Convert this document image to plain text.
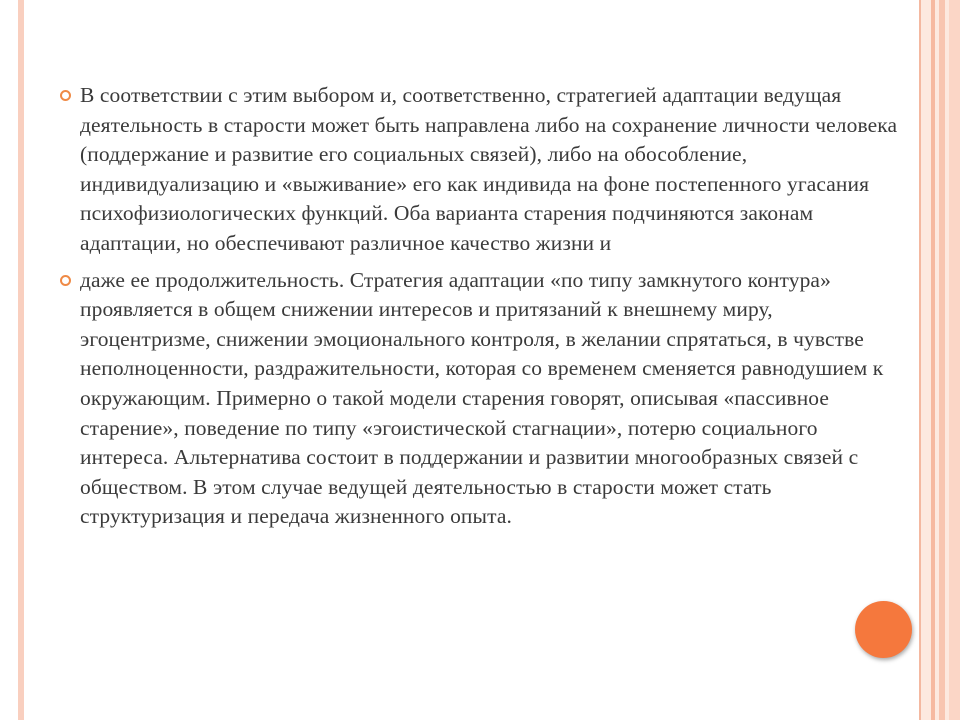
В соответствии с этим выбором и, соответственно, стратегией адаптации ведущая деятельность в старости может быть направлена либо на сохранение личности человека (поддержание и развитие его социальных связей), либо на обособление, индивидуализацию и «выживание» его как индивида на фоне постепенного угасания психофизиологических функций. Оба варианта старения подчиняются законам адаптации, но обеспечивают различное качество жизни и
даже ее продолжительность. Стратегия адаптации «по типу замкнутого контура» проявляется в общем снижении интересов и притязаний к внешнему миру, эгоцентризме, снижении эмоционального контроля, в желании спрятаться, в чувстве неполноценности, раздражительности, которая со временем сменяется равнодушием к окружающим. Примерно о такой модели старения говорят, описывая «пассивное старение», поведение по типу «эгоистической стагнации», потерю социального интереса. Альтернатива состоит в поддержании и развитии многообразных связей с обществом. В этом случае ведущей деятельностью в старости может стать структуризация и передача жизненного опыта.
